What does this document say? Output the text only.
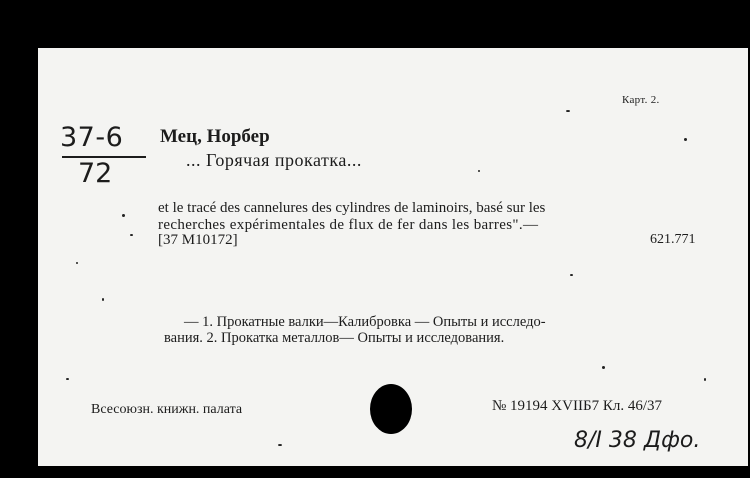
Карт. 2.
37-6
72
Мец, Норбер
... Горячая прокатка...
et le tracé des cannelures des cylindres de laminoirs, basé sur les
recherches expérimentales de flux de fer dans les barres".—
[37 M10172]	621.771
— 1. Прокатные валки—Калибровка — Опыты и исследо-
вания. 2. Прокатка металлов— Опыты и исследования.
Всесоюзн. книжн. палата	№ 19194 XVIIБ7 Кл. 46/37
8/I 38 Дфо.
